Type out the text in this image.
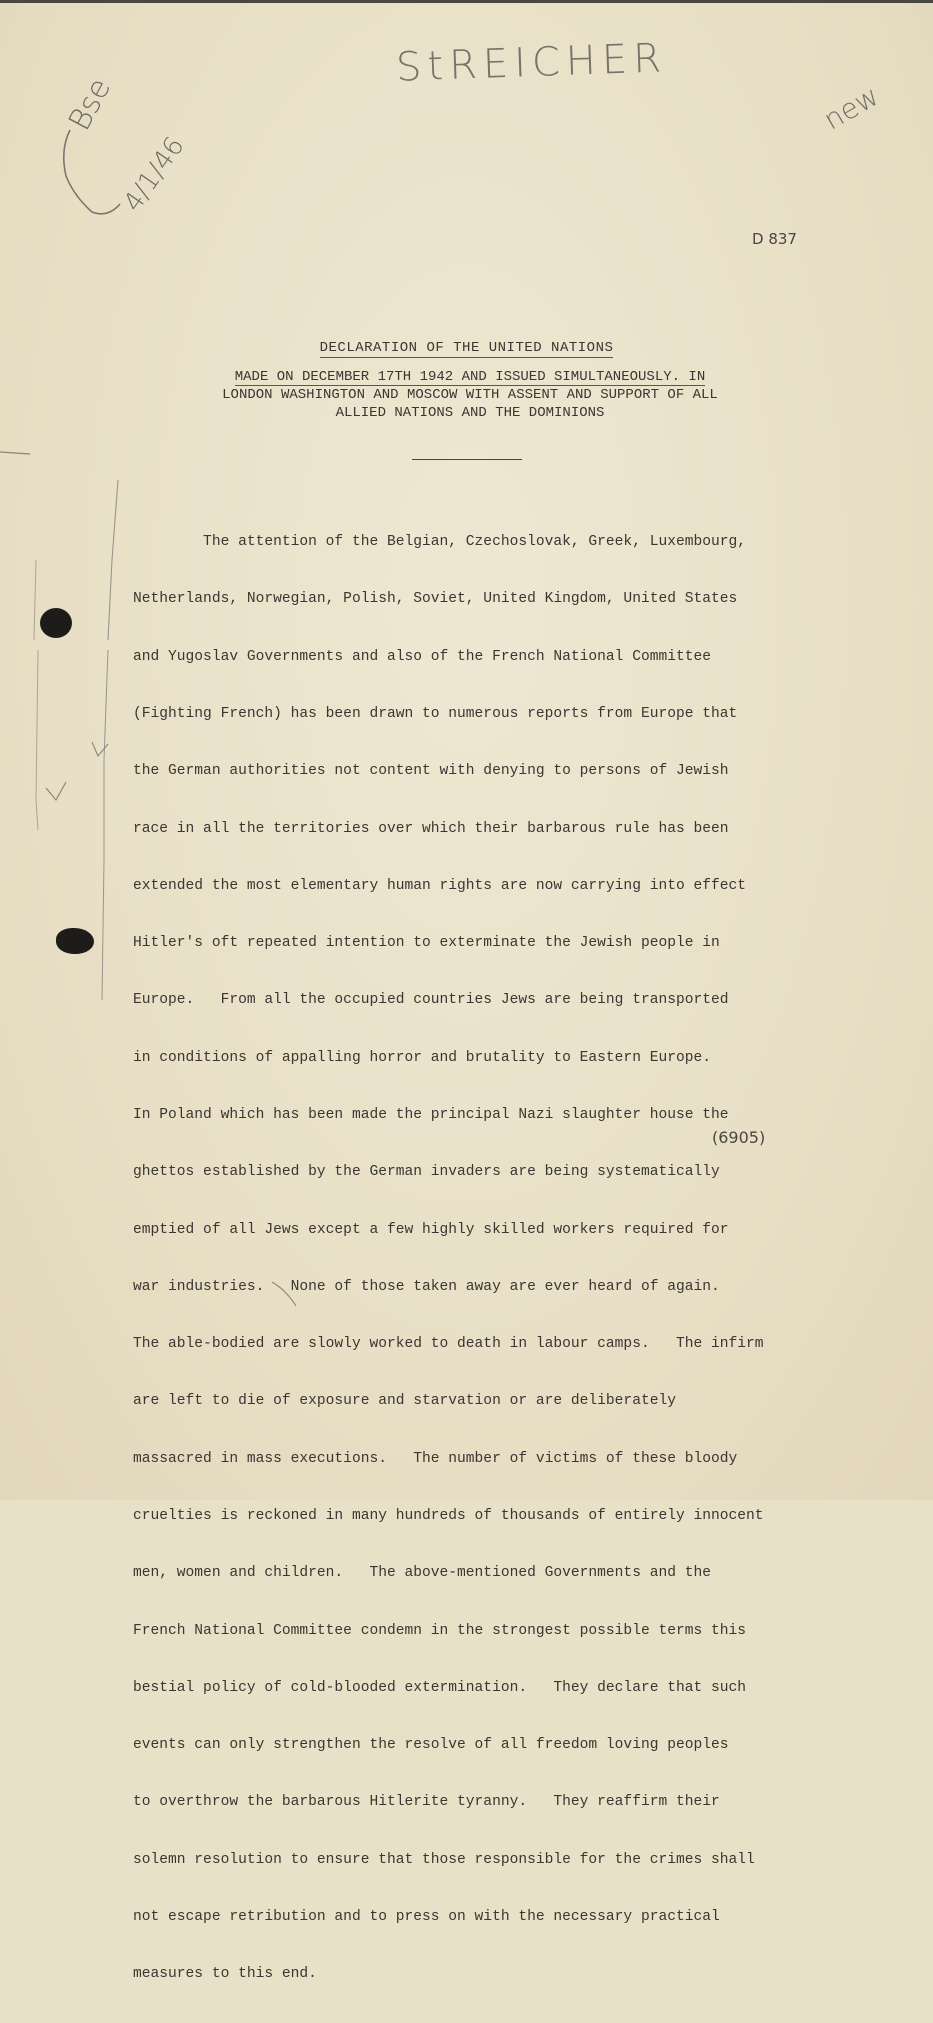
StREICHER
Bse
4/1/46
new
D 837
DECLARATION OF THE UNITED NATIONS
MADE ON DECEMBER 17TH 1942 AND ISSUED SIMULTANEOUSLY. IN
LONDON WASHINGTON AND MOSCOW WITH ASSENT AND SUPPORT OF ALL
ALLIED NATIONS AND THE DOMINIONS

The attention of the Belgian, Czechoslovak, Greek, Luxembourg,

Netherlands, Norwegian, Polish, Soviet, United Kingdom, United States

and Yugoslav Governments and also of the French National Committee

(Fighting French) has been drawn to numerous reports from Europe that

the German authorities not content with denying to persons of Jewish

race in all the territories over which their barbarous rule has been

extended the most elementary human rights are now carrying into effect

Hitler's oft repeated intention to exterminate the Jewish people in

Europe.   From all the occupied countries Jews are being transported

in conditions of appalling horror and brutality to Eastern Europe.

In Poland which has been made the principal Nazi slaughter house the

ghettos established by the German invaders are being systematically

emptied of all Jews except a few highly skilled workers required for

war industries.   None of those taken away are ever heard of again.

The able-bodied are slowly worked to death in labour camps.   The infirm

are left to die of exposure and starvation or are deliberately

massacred in mass executions.   The number of victims of these bloody

cruelties is reckoned in many hundreds of thousands of entirely innocent

men, women and children.   The above-mentioned Governments and the

French National Committee condemn in the strongest possible terms this

bestial policy of cold-blooded extermination.   They declare that such

events can only strengthen the resolve of all freedom loving peoples

to overthrow the barbarous Hitlerite tyranny.   They reaffirm their

solemn resolution to ensure that those responsible for the crimes shall

not escape retribution and to press on with the necessary practical

measures to this end.

(6905)
